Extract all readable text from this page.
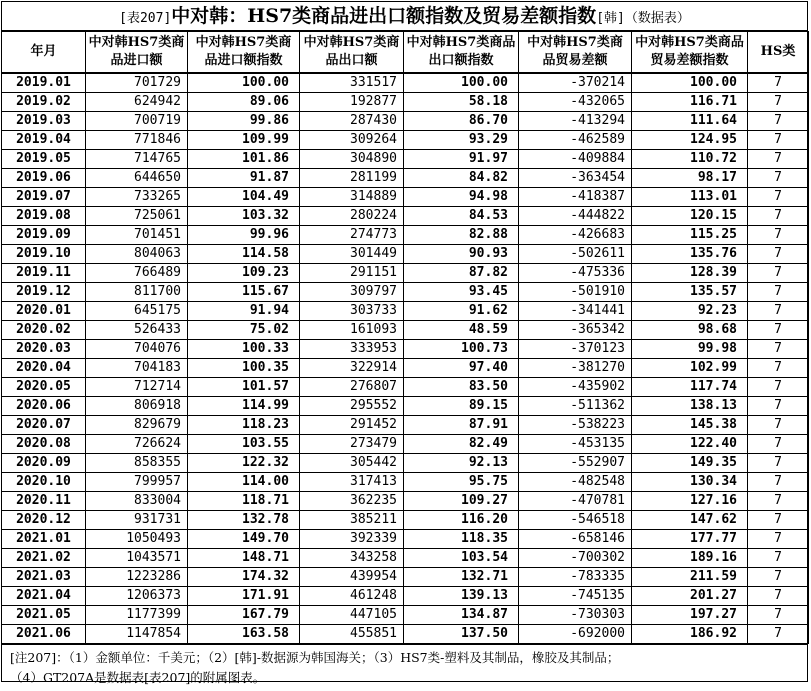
[表207]中对韩：HS7类商品进出口额指数及贸易差额指数[韩]（数据表）
年月	中对韩HS7类商品进口额	中对韩HS7类商品进口额指数	中对韩HS7类商品出口额	中对韩HS7类商品出口额指数	中对韩HS7类商品贸易差额	中对韩HS7类商品贸易差额指数	HS类
2019.01	701729	100.00	331517	100.00	-370214	100.00	7
2019.02	624942	89.06	192877	58.18	-432065	116.71	7
2019.03	700719	99.86	287430	86.70	-413294	111.64	7
2019.04	771846	109.99	309264	93.29	-462589	124.95	7
2019.05	714765	101.86	304890	91.97	-409884	110.72	7
2019.06	644650	91.87	281199	84.82	-363454	98.17	7
2019.07	733265	104.49	314889	94.98	-418387	113.01	7
2019.08	725061	103.32	280224	84.53	-444822	120.15	7
2019.09	701451	99.96	274773	82.88	-426683	115.25	7
2019.10	804063	114.58	301449	90.93	-502611	135.76	7
2019.11	766489	109.23	291151	87.82	-475336	128.39	7
2019.12	811700	115.67	309797	93.45	-501910	135.57	7
2020.01	645175	91.94	303733	91.62	-341441	92.23	7
2020.02	526433	75.02	161093	48.59	-365342	98.68	7
2020.03	704076	100.33	333953	100.73	-370123	99.98	7
2020.04	704183	100.35	322914	97.40	-381270	102.99	7
2020.05	712714	101.57	276807	83.50	-435902	117.74	7
2020.06	806918	114.99	295552	89.15	-511362	138.13	7
2020.07	829679	118.23	291452	87.91	-538223	145.38	7
2020.08	726624	103.55	273479	82.49	-453135	122.40	7
2020.09	858355	122.32	305442	92.13	-552907	149.35	7
2020.10	799957	114.00	317413	95.75	-482548	130.34	7
2020.11	833004	118.71	362235	109.27	-470781	127.16	7
2020.12	931731	132.78	385211	116.20	-546518	147.62	7
2021.01	1050493	149.70	392339	118.35	-658146	177.77	7
2021.02	1043571	148.71	343258	103.54	-700302	189.16	7
2021.03	1223286	174.32	439954	132.71	-783335	211.59	7
2021.04	1206373	171.91	461248	139.13	-745135	201.27	7
2021.05	1177399	167.79	447105	134.87	-730303	197.27	7
2021.06	1147854	163.58	455851	137.50	-692000	186.92	7
[注207]：（1）金额单位：千美元；（2）[韩]-数据源为韩国海关；（3）HS7类-塑料及其制品，橡胶及其制品；
（4）GT207A是数据表[表207]的附属图表。
